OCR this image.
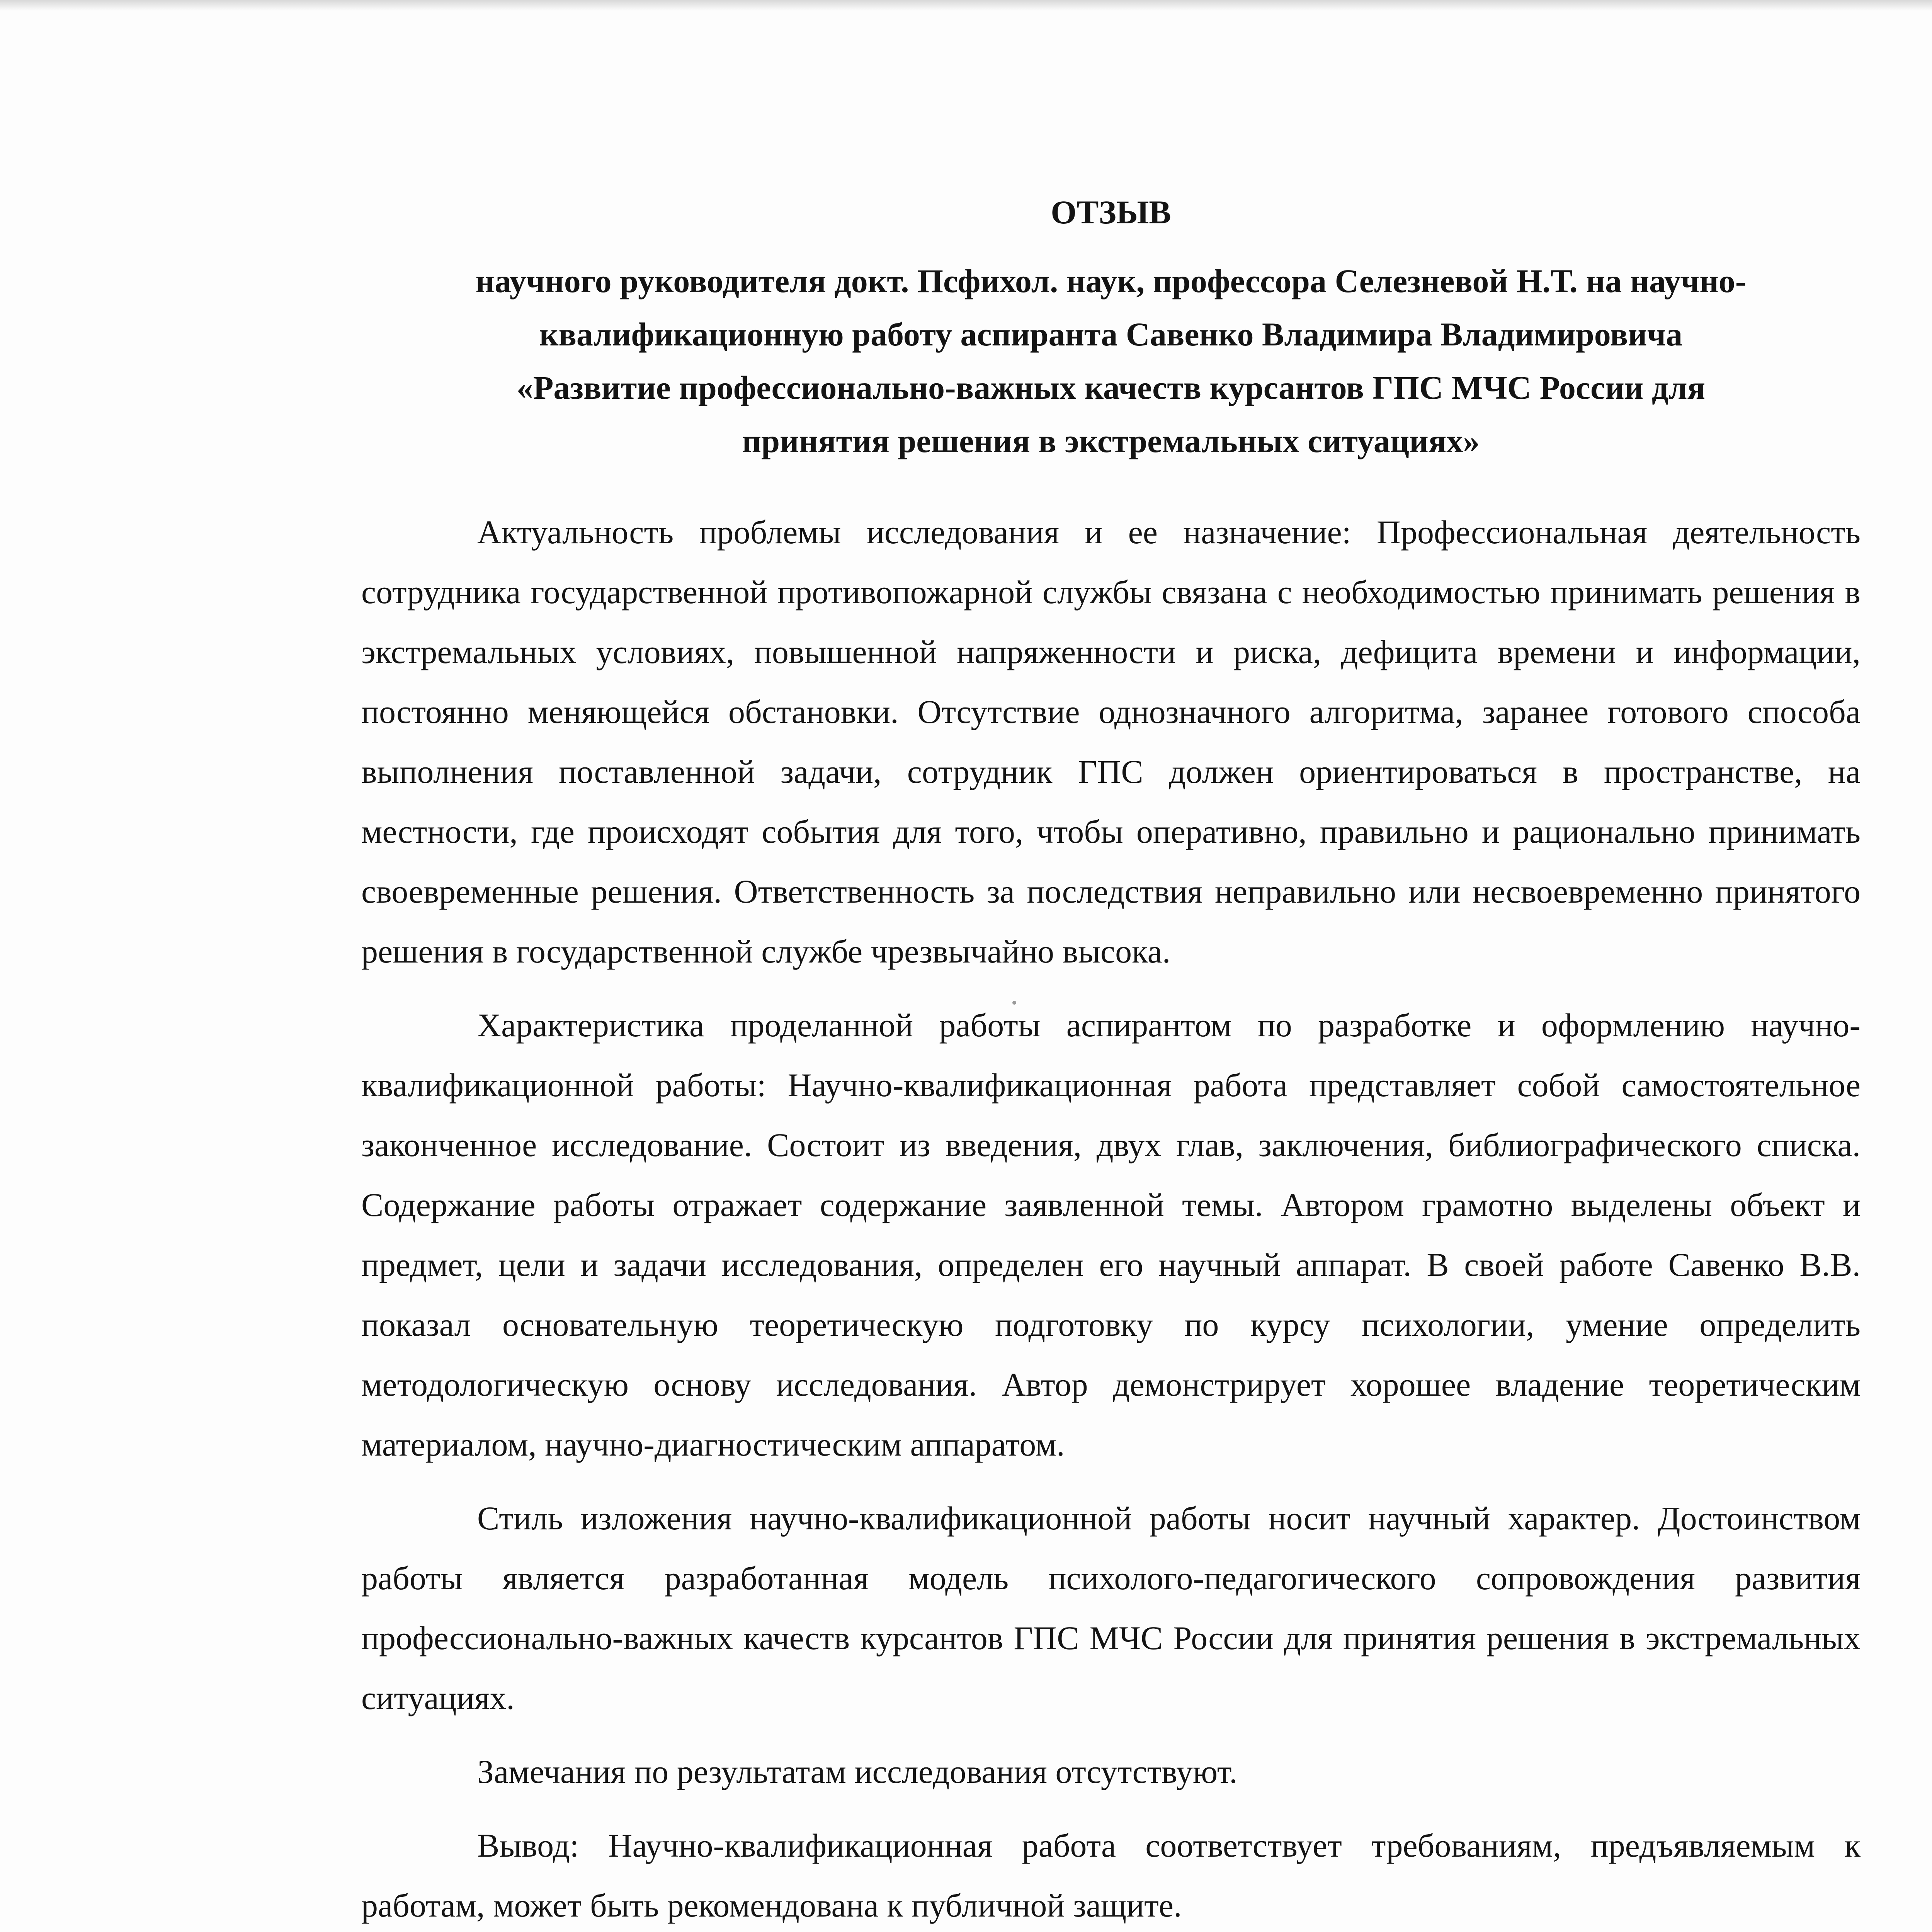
ОТЗЫВ
научного руководителя докт. Псфихол. наук, профессора Селезневой Н.Т. на научно-
квалификационную работу аспиранта Савенко Владимира Владимировича
«Развитие профессионально-важных качеств курсантов ГПС МЧС России для
принятия решения в экстремальных ситуациях»

Актуальность проблемы исследования и ее назначение: Профессиональная деятельность сотрудника государственной противопожарной службы связана с необходимостью принимать решения в экстремальных условиях, повышенной напряженности и риска, дефицита времени и информации, постоянно меняющейся обстановки. Отсутствие однозначного алгоритма, заранее готового способа выполнения поставленной задачи, сотрудник ГПС должен ориентироваться в пространстве, на местности, где происходят события для того, чтобы оперативно, правильно и рационально принимать своевременные решения. Ответственность за последствия неправильно или несвоевременно принятого решения в государственной службе чрезвычайно высока.

Характеристика проделанной работы аспирантом по разработке и оформлению научно-квалификационной работы: Научно-квалификационная работа представляет собой самостоятельное законченное исследование. Состоит из введения, двух глав, заключения, библиографического списка. Содержание работы отражает содержание заявленной темы. Автором грамотно выделены объект и предмет, цели и задачи исследования, определен его научный аппарат. В своей работе Савенко В.В. показал основательную теоретическую подготовку по курсу психологии, умение определить методологическую основу исследования. Автор демонстрирует хорошее владение теоретическим материалом, научно-диагностическим аппаратом.

Стиль изложения научно-квалификационной работы носит научный характер. Достоинством работы является разработанная модель психолого-педагогического сопровождения развития профессионально-важных качеств курсантов ГПС МЧС России для принятия решения в экстремальных ситуациях.

Замечания по результатам исследования отсутствуют.

Вывод: Научно-квалификационная работа соответствует требованиям, предъявляемым к работам, может быть рекомендована к публичной защите.
